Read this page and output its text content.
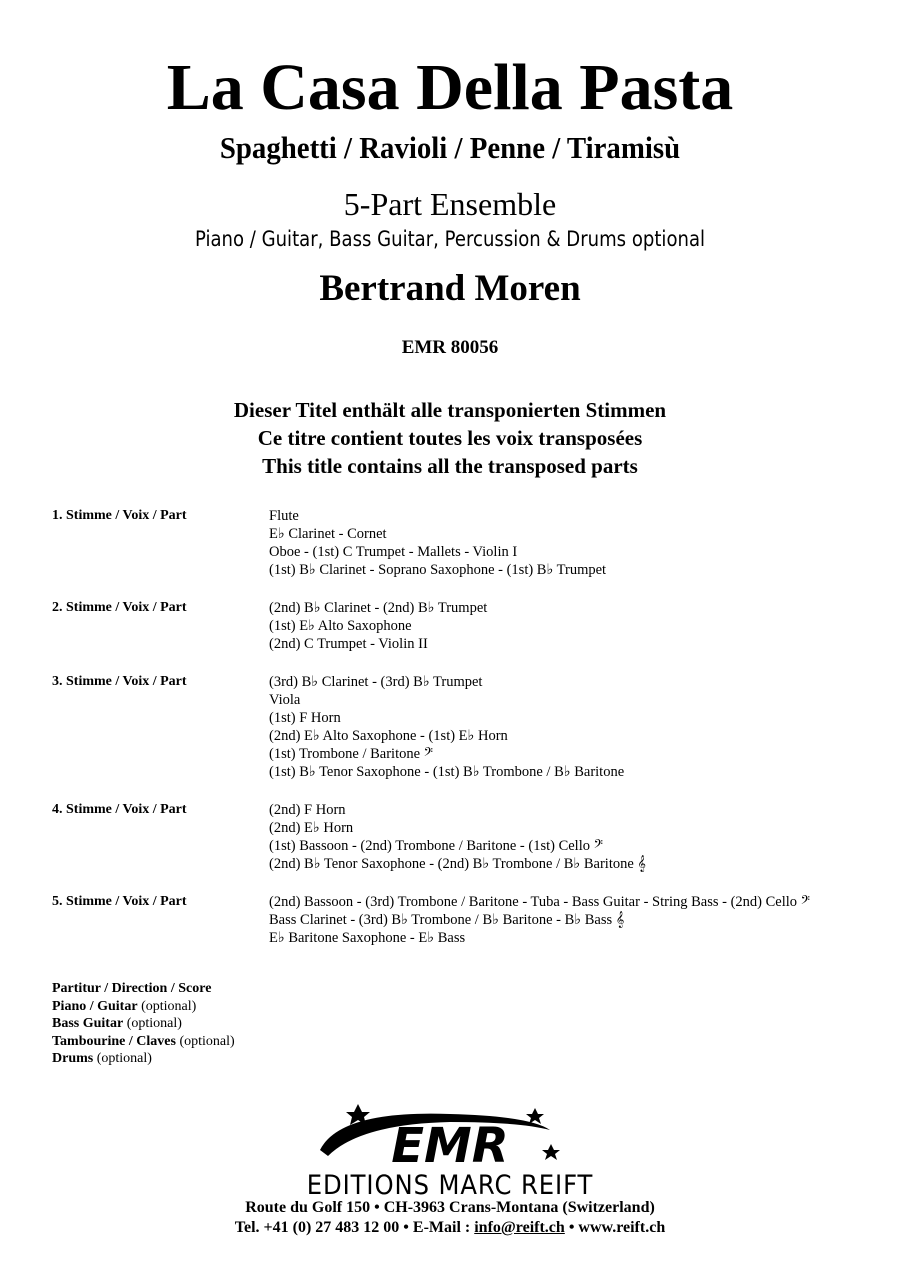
La Casa Della Pasta
Spaghetti / Ravioli / Penne / Tiramisù
5-Part Ensemble
Piano / Guitar, Bass Guitar, Percussion & Drums optional
Bertrand Moren
EMR 80056
Dieser Titel enthält alle transponierten Stimmen
Ce titre contient toutes les voix transposées
This title contains all the transposed parts
1. Stimme / Voix / Part	Flute
E♭ Clarinet - Cornet
Oboe - (1st) C Trumpet - Mallets - Violin I
(1st) B♭ Clarinet - Soprano Saxophone - (1st) B♭ Trumpet
2. Stimme / Voix / Part	(2nd) B♭ Clarinet - (2nd) B♭ Trumpet
(1st) E♭ Alto Saxophone
(2nd) C Trumpet - Violin II
3. Stimme / Voix / Part	(3rd) B♭ Clarinet - (3rd) B♭ Trumpet
Viola
(1st) F Horn
(2nd) E♭ Alto Saxophone - (1st) E♭ Horn
(1st) Trombone / Baritone 𝄢
(1st) B♭ Tenor Saxophone - (1st) B♭ Trombone / B♭ Baritone
4. Stimme / Voix / Part	(2nd) F Horn
(2nd) E♭ Horn
(1st) Bassoon - (2nd) Trombone / Baritone - (1st) Cello 𝄢
(2nd) B♭ Tenor Saxophone - (2nd) B♭ Trombone / B♭ Baritone 𝄞
5. Stimme / Voix / Part	(2nd) Bassoon - (3rd) Trombone / Baritone - Tuba - Bass Guitar - String Bass - (2nd) Cello 𝄢
Bass Clarinet - (3rd) B♭ Trombone / B♭ Baritone - B♭ Bass 𝄞
E♭ Baritone Saxophone - E♭ Bass
Partitur / Direction / Score
Piano / Guitar (optional)
Bass Guitar (optional)
Tambourine / Claves (optional)
Drums (optional)
EMR
EDITIONS MARC REIFT
Route du Golf 150 • CH-3963 Crans-Montana (Switzerland)
Tel. +41 (0) 27 483 12 00 • E-Mail : info@reift.ch • www.reift.ch
